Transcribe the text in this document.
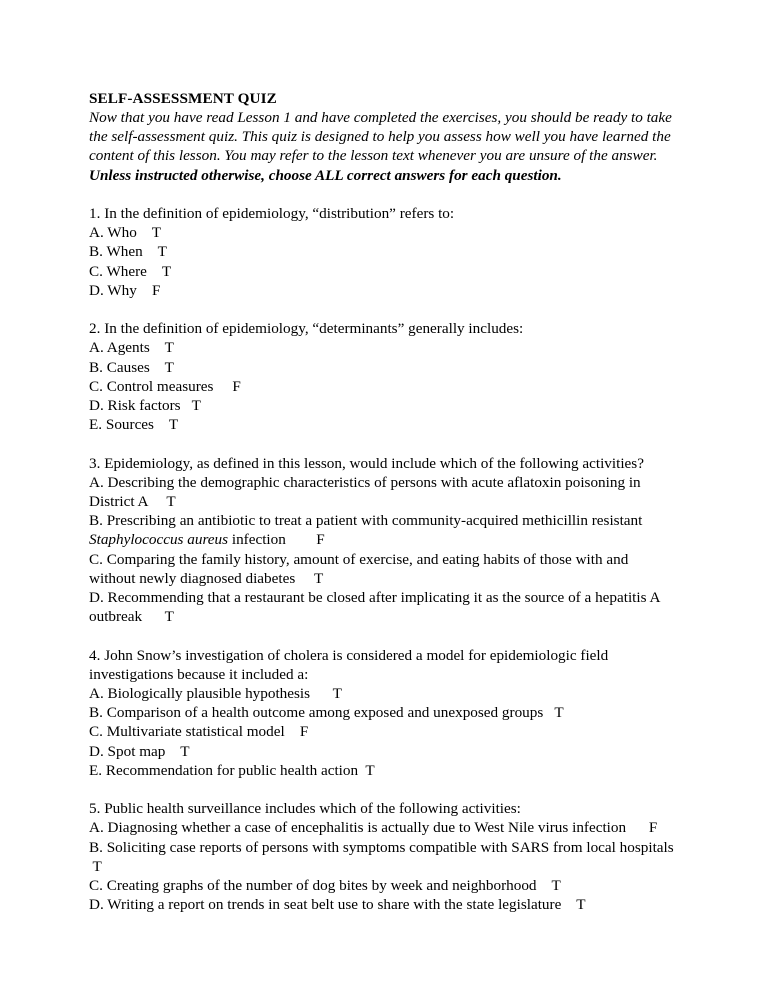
SELF-ASSESSMENT QUIZ
Now that you have read Lesson 1 and have completed the exercises, you should be ready to take
the self-assessment quiz. This quiz is designed to help you assess how well you have learned the
content of this lesson. You may refer to the lesson text whenever you are unsure of the answer.
Unless instructed otherwise, choose ALL correct answers for each question.

1. In the definition of epidemiology, “distribution” refers to:
A. Who T
B. When T
C. Where T
D. Why F

2. In the definition of epidemiology, “determinants” generally includes:
A. Agents T
B. Causes T
C. Control measures F
D. Risk factors T
E. Sources T

3. Epidemiology, as defined in this lesson, would include which of the following activities?
A. Describing the demographic characteristics of persons with acute aflatoxin poisoning in District A T
B. Prescribing an antibiotic to treat a patient with community-acquired methicillin resistant Staphylococcus aureus infection F
C. Comparing the family history, amount of exercise, and eating habits of those with and without newly diagnosed diabetes T
D. Recommending that a restaurant be closed after implicating it as the source of a hepatitis A outbreak T

4. John Snow’s investigation of cholera is considered a model for epidemiologic field investigations because it included a:
A. Biologically plausible hypothesis T
B. Comparison of a health outcome among exposed and unexposed groups T
C. Multivariate statistical model F
D. Spot map T
E. Recommendation for public health action T

5. Public health surveillance includes which of the following activities:
A. Diagnosing whether a case of encephalitis is actually due to West Nile virus infection F
B. Soliciting case reports of persons with symptoms compatible with SARS from local hospitals T
C. Creating graphs of the number of dog bites by week and neighborhood T
D. Writing a report on trends in seat belt use to share with the state legislature T
